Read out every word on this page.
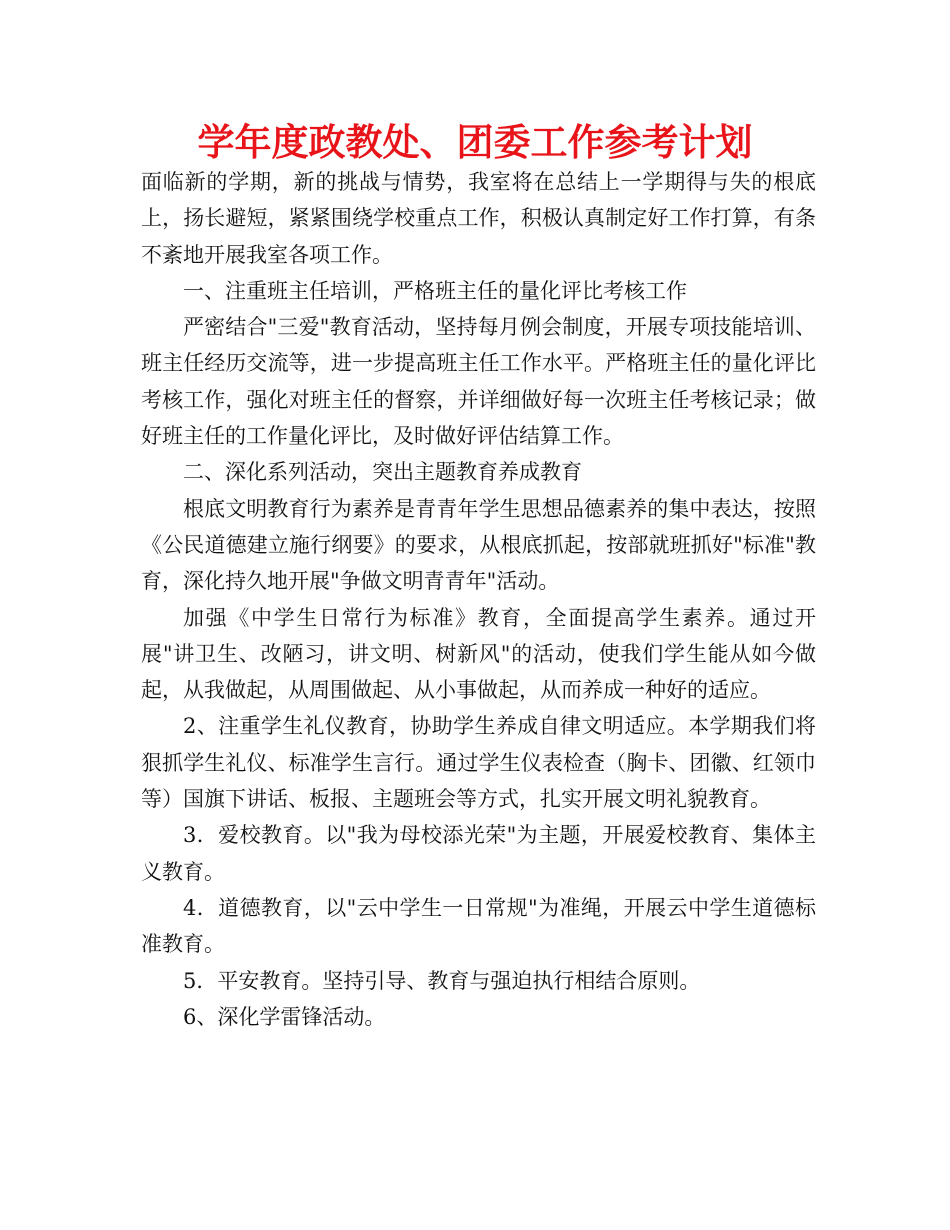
学年度政教处、团委工作参考计划

面临新的学期，新的挑战与情势，我室将在总结上一学期得与失的根底上，扬长避短，紧紧围绕学校重点工作，积极认真制定好工作打算，有条不紊地开展我室各项工作。

一、注重班主任培训，严格班主任的量化评比考核工作

严密结合"三爱"教育活动，坚持每月例会制度，开展专项技能培训、班主任经历交流等，进一步提高班主任工作水平。严格班主任的量化评比考核工作，强化对班主任的督察，并详细做好每一次班主任考核记录；做好班主任的工作量化评比，及时做好评估结算工作。

二、深化系列活动，突出主题教育养成教育

根底文明教育行为素养是青青年学生思想品德素养的集中表达，按照《公民道德建立施行纲要》的要求，从根底抓起，按部就班抓好"标准"教育，深化持久地开展"争做文明青青年"活动。

加强《中学生日常行为标准》教育，全面提高学生素养。通过开展"讲卫生、改陋习，讲文明、树新风"的活动，使我们学生能从如今做起，从我做起，从周围做起、从小事做起，从而养成一种好的适应。

2、注重学生礼仪教育，协助学生养成自律文明适应。本学期我们将狠抓学生礼仪、标准学生言行。通过学生仪表检查（胸卡、团徽、红领巾等）国旗下讲话、板报、主题班会等方式，扎实开展文明礼貌教育。

3．爱校教育。以"我为母校添光荣"为主题，开展爱校教育、集体主义教育。

4．道德教育，以"云中学生一日常规"为准绳，开展云中学生道德标准教育。

5．平安教育。坚持引导、教育与强迫执行相结合原则。

6、深化学雷锋活动。
